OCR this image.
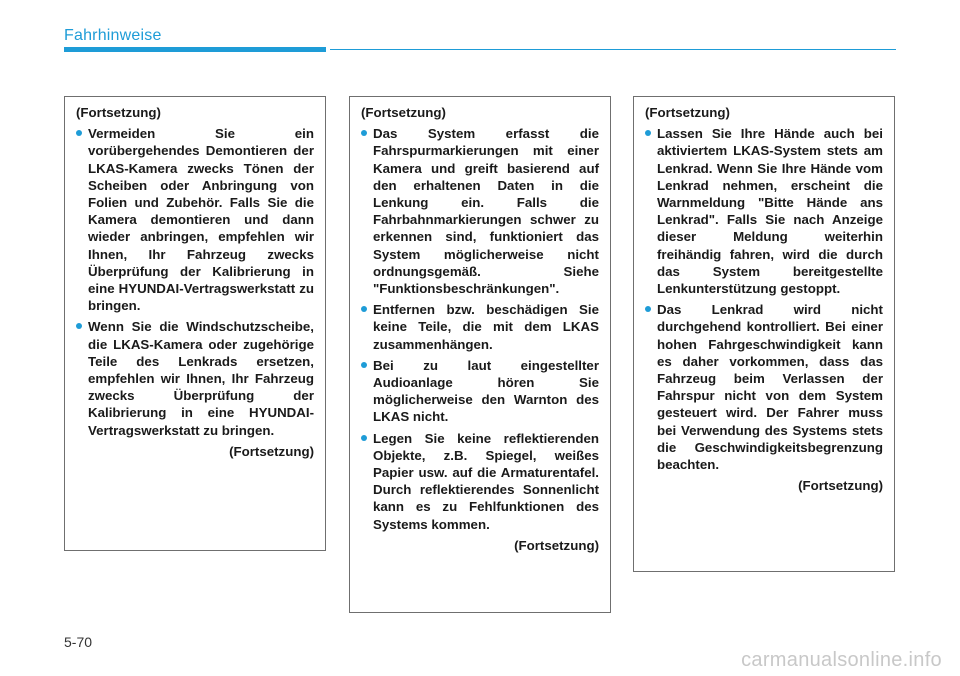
Fahrhinweise

(Fortsetzung)

Vermeiden Sie ein vorübergehendes Demontieren der LKAS-Kamera zwecks Tönen der Scheiben oder Anbringung von Folien und Zubehör. Falls Sie die Kamera demontieren und dann wieder anbringen, empfehlen wir Ihnen, Ihr Fahrzeug zwecks Überprüfung der Kalibrierung in eine HYUNDAI-Vertragswerkstatt zu bringen.
Wenn Sie die Windschutzscheibe, die LKAS-Kamera oder zugehörige Teile des Lenkrads ersetzen, empfehlen wir Ihnen, Ihr Fahrzeug zwecks Überprüfung der Kalibrierung in eine HYUNDAI-Vertragswerkstatt zu bringen.

(Fortsetzung)

(Fortsetzung)

Das System erfasst die Fahrspurmarkierungen mit einer Kamera und greift basierend auf den erhaltenen Daten in die Lenkung ein. Falls die Fahrbahnmarkierungen schwer zu erkennen sind, funktioniert das System möglicherweise nicht ordnungsgemäß. Siehe "Funktionsbeschränkungen".
Entfernen bzw. beschädigen Sie keine Teile, die mit dem LKAS zusammenhängen.
Bei zu laut eingestellter Audioanlage hören Sie möglicherweise den Warnton des LKAS nicht.
Legen Sie keine reflektierenden Objekte, z.B. Spiegel, weißes Papier usw. auf die Armaturentafel. Durch reflektierendes Sonnenlicht kann es zu Fehlfunktionen des Systems kommen.

(Fortsetzung)

(Fortsetzung)

Lassen Sie Ihre Hände auch bei aktiviertem LKAS-System stets am Lenkrad. Wenn Sie Ihre Hände vom Lenkrad nehmen, erscheint die Warnmeldung "Bitte Hände ans Lenkrad". Falls Sie nach Anzeige dieser Meldung weiterhin freihändig fahren, wird die durch das System bereitgestellte Lenkunterstützung gestoppt.
Das Lenkrad wird nicht durchgehend kontrolliert. Bei einer hohen Fahrgeschwindigkeit kann es daher vorkommen, dass das Fahrzeug beim Verlassen der Fahrspur nicht von dem System gesteuert wird. Der Fahrer muss bei Verwendung des Systems stets die Geschwindigkeitsbegrenzung beachten.

(Fortsetzung)

5-70
carmanualsonline.info
